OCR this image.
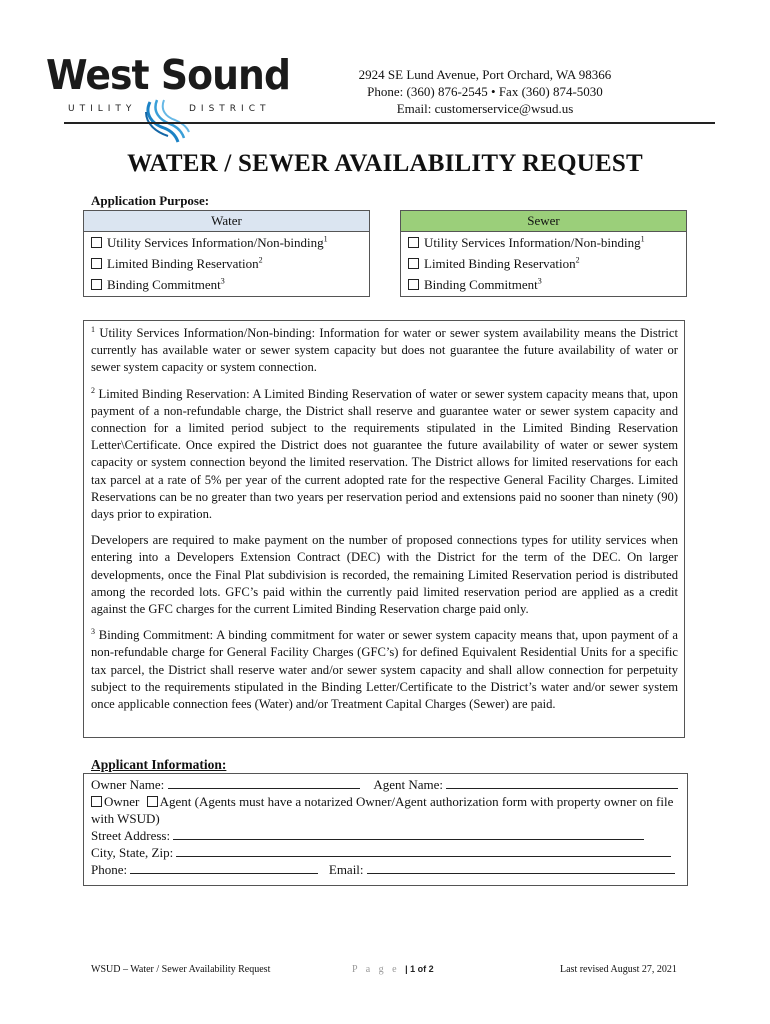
West Sound
UTILITY	DISTRICT
2924 SE Lund Avenue, Port Orchard, WA 98366
Phone: (360) 876-2545 • Fax (360) 874-5030
Email: customerservice@wsud.us
WATER / SEWER AVAILABILITY REQUEST
Application Purpose:
Water
Utility Services Information/Non-binding$^1$
Limited Binding Reservation$^2$
Binding Commitment$^3$
Sewer
Utility Services Information/Non-binding$^1$
Limited Binding Reservation$^2$
Binding Commitment$^3$

$^1$ Utility Services Information/Non-binding: Information for water or sewer system availability means the District currently has available water or sewer system capacity but does not guarantee the future availability of water or sewer system capacity or system connection.

$^2$ Limited Binding Reservation: A Limited Binding Reservation of water or sewer system capacity means that, upon payment of a non-refundable charge, the District shall reserve and guarantee water or sewer system capacity and connection for a limited period subject to the requirements stipulated in the Limited Binding Reservation Letter\Certificate. Once expired the District does not guarantee the future availability of water or sewer system capacity or system connection beyond the limited reservation. The District allows for limited reservations for each tax parcel at a rate of 5% per year of the current adopted rate for the respective General Facility Charges. Limited Reservations can be no greater than two years per reservation period and extensions paid no sooner than ninety (90) days prior to expiration.

Developers are required to make payment on the number of proposed connections types for utility services when entering into a Developers Extension Contract (DEC) with the District for the term of the DEC. On larger developments, once the Final Plat subdivision is recorded, the remaining Limited Reservation period is distributed among the recorded lots. GFC’s paid within the currently paid limited reservation period are applied as a credit against the GFC charges for the current Limited Binding Reservation charge paid only.

$^3$ Binding Commitment: A binding commitment for water or sewer system capacity means that, upon payment of a non-refundable charge for General Facility Charges (GFC’s) for defined Equivalent Residential Units for a specific tax parcel, the District shall reserve water and/or sewer system capacity and shall allow connection for perpetuity subject to the requirements stipulated in the Binding Letter/Certificate to the District’s water and/or sewer system once applicable connection fees (Water) and/or Treatment Capital Charges (Sewer) are paid.

Applicant Information:
Owner Name:	Agent Name:
Owner Agent (Agents must have a notarized Owner/Agent authorization form with property owner on file with WSUD)
Street Address:
City, State, Zip:
Phone:	Email:
WSUD – Water / Sewer Availability Request	P a g e | 1 of 2	Last revised August 27, 2021
